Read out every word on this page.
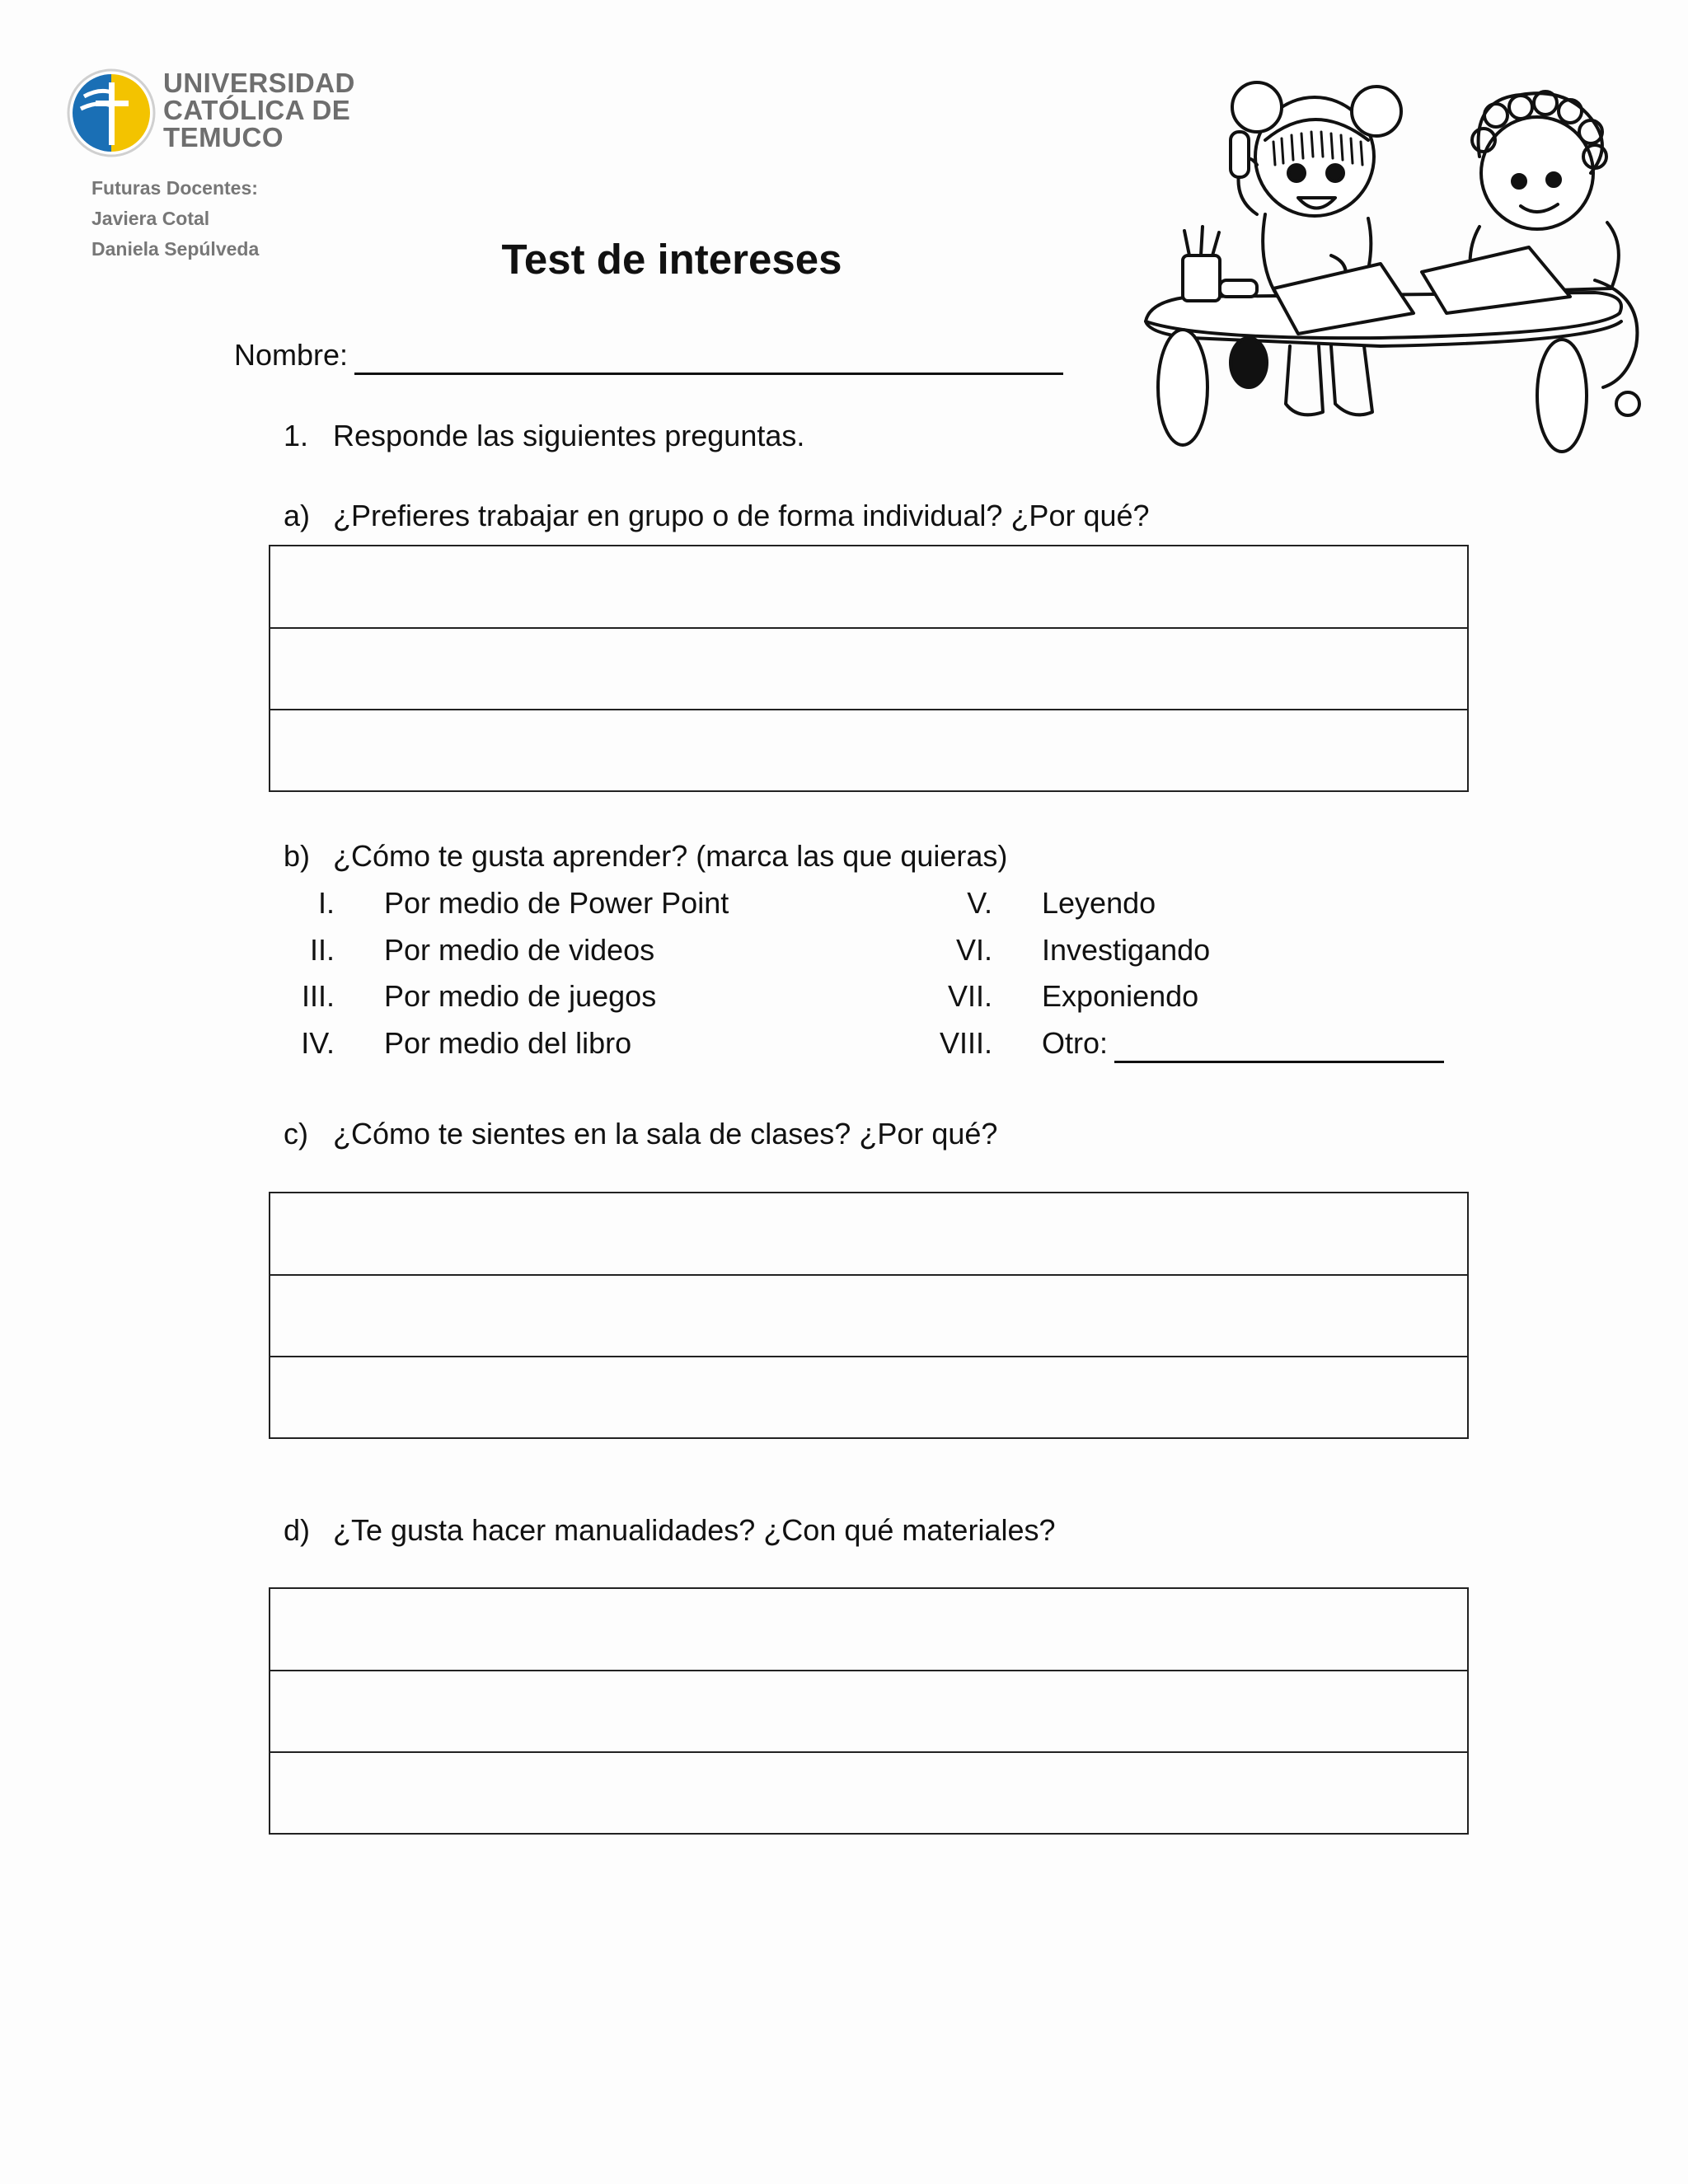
UNIVERSIDAD
CATÓLICA DE
TEMUCO
Futuras Docentes:
Javiera Cotal
Daniela Sepúlveda	Test de intereses
Nombre:
1. Responde las siguientes preguntas.
a) ¿Prefieres trabajar en grupo o de forma individual? ¿Por qué?
b) ¿Cómo te gusta aprender? (marca las que quieras)
I. Por medio de Power Point
II. Por medio de videos
III. Por medio de juegos
IV. Por medio del libro
V. Leyendo
VI. Investigando
VII. Exponiendo
VIII. Otro:
c) ¿Cómo te sientes en la sala de clases? ¿Por qué?
d) ¿Te gusta hacer manualidades? ¿Con qué materiales?
